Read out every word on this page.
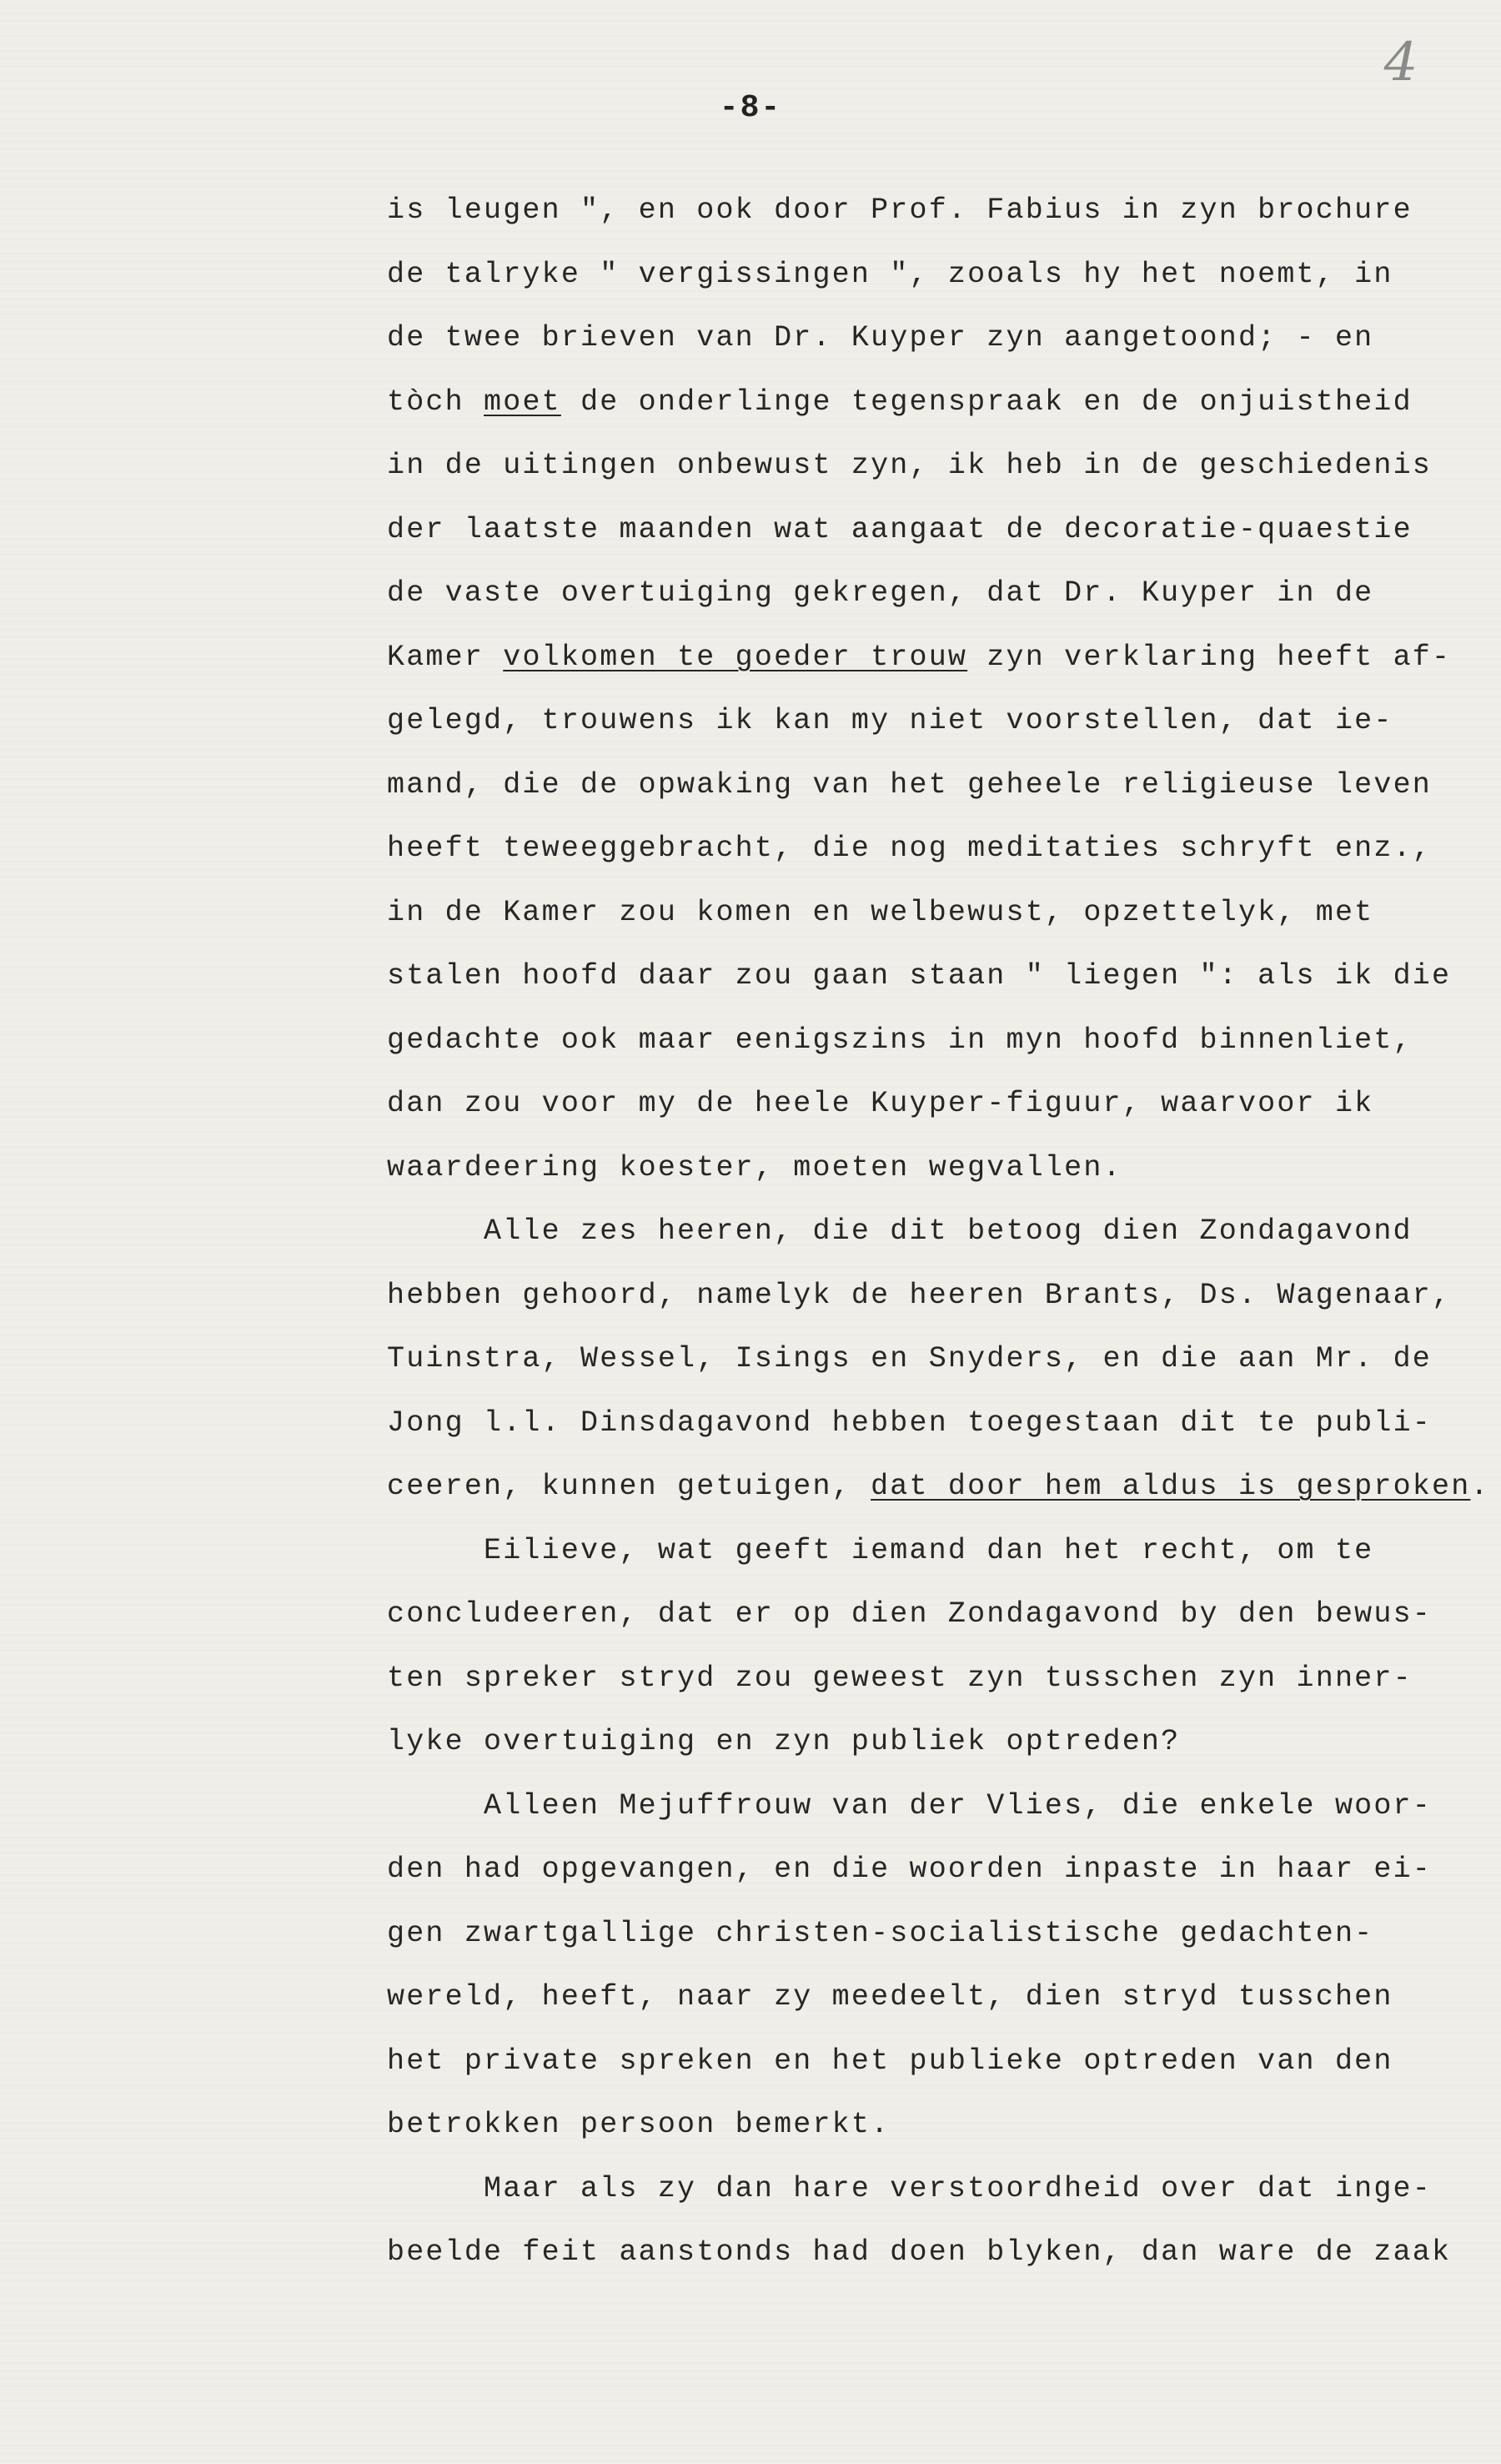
4
-8-
is leugen ", en ook door Prof. Fabius in zyn brochure
de talryke " vergissingen ", zooals hy het noemt, in
de twee brieven van Dr. Kuyper zyn aangetoond; - en
tòch moet de onderlinge tegenspraak en de onjuistheid
in de uitingen onbewust zyn, ik heb in de geschiedenis
der laatste maanden wat aangaat de decoratie-quaestie
de vaste overtuiging gekregen, dat Dr. Kuyper in de
Kamer volkomen te goeder trouw zyn verklaring heeft af-
gelegd, trouwens ik kan my niet voorstellen, dat ie-
mand, die de opwaking van het geheele religieuse leven
heeft teweeggebracht, die nog meditaties schryft enz.,
in de Kamer zou komen en welbewust, opzettelyk, met
stalen hoofd daar zou gaan staan " liegen ": als ik die
gedachte ook maar eenigszins in myn hoofd binnenliet,
dan zou voor my de heele Kuyper-figuur, waarvoor ik
waardeering koester, moeten wegvallen.
Alle zes heeren, die dit betoog dien Zondagavond
hebben gehoord, namelyk de heeren Brants, Ds. Wagenaar,
Tuinstra, Wessel, Isings en Snyders, en die aan Mr. de
Jong l.l. Dinsdagavond hebben toegestaan dit te publi-
ceeren, kunnen getuigen, dat door hem aldus is gesproken.
Eilieve, wat geeft iemand dan het recht, om te
concludeeren, dat er op dien Zondagavond by den bewus-
ten spreker stryd zou geweest zyn tusschen zyn inner-
lyke overtuiging en zyn publiek optreden?
Alleen Mejuffrouw van der Vlies, die enkele woor-
den had opgevangen, en die woorden inpaste in haar ei-
gen zwartgallige christen-socialistische gedachten-
wereld, heeft, naar zy meedeelt, dien stryd tusschen
het private spreken en het publieke optreden van den
betrokken persoon bemerkt.
Maar als zy dan hare verstoordheid over dat inge-
beelde feit aanstonds had doen blyken, dan ware de zaak
